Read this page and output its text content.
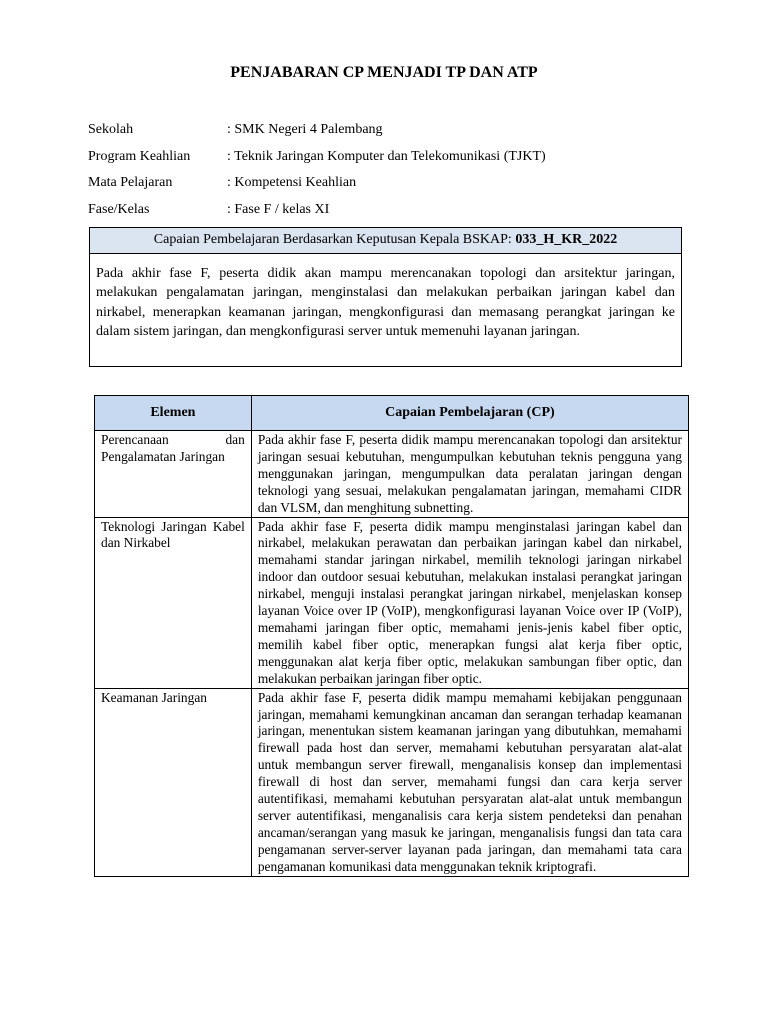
PENJABARAN CP MENJADI TP DAN ATP
Sekolah	: SMK Negeri 4 Palembang
Program Keahlian	: Teknik Jaringan Komputer dan Telekomunikasi (TJKT)
Mata Pelajaran	: Kompetensi Keahlian
Fase/Kelas	: Fase F / kelas XI
Capaian Pembelajaran Berdasarkan Keputusan Kepala BSKAP: 033_H_KR_2022
Pada akhir fase F, peserta didik akan mampu merencanakan topologi dan arsitektur jaringan, melakukan pengalamatan jaringan, menginstalasi dan melakukan perbaikan jaringan kabel dan nirkabel, menerapkan keamanan jaringan, mengkonfigurasi dan memasang perangkat jaringan ke dalam sistem jaringan, dan mengkonfigurasi server untuk memenuhi layanan jaringan.
Elemen	Capaian Pembelajaran (CP)
Perencanaan dan Pengalamatan Jaringan	Pada akhir fase F, peserta didik mampu merencanakan topologi dan arsitektur jaringan sesuai kebutuhan, mengumpulkan kebutuhan teknis pengguna yang menggunakan jaringan, mengumpulkan data peralatan jaringan dengan teknologi yang sesuai, melakukan pengalamatan jaringan, memahami CIDR dan VLSM, dan menghitung subnetting.
Teknologi Jaringan Kabel dan Nirkabel	Pada akhir fase F, peserta didik mampu menginstalasi jaringan kabel dan nirkabel, melakukan perawatan dan perbaikan jaringan kabel dan nirkabel, memahami standar jaringan nirkabel, memilih teknologi jaringan nirkabel indoor dan outdoor sesuai kebutuhan, melakukan instalasi perangkat jaringan nirkabel, menguji instalasi perangkat jaringan nirkabel, menjelaskan konsep layanan Voice over IP (VoIP), mengkonfigurasi layanan Voice over IP (VoIP), memahami jaringan fiber optic, memahami jenis-jenis kabel fiber optic, memilih kabel fiber optic, menerapkan fungsi alat kerja fiber optic, menggunakan alat kerja fiber optic, melakukan sambungan fiber optic, dan melakukan perbaikan jaringan fiber optic.
Keamanan Jaringan	Pada akhir fase F, peserta didik mampu memahami kebijakan penggunaan jaringan, memahami kemungkinan ancaman dan serangan terhadap keamanan jaringan, menentukan sistem keamanan jaringan yang dibutuhkan, memahami firewall pada host dan server, memahami kebutuhan persyaratan alat-alat untuk membangun server firewall, menganalisis konsep dan implementasi firewall di host dan server, memahami fungsi dan cara kerja server autentifikasi, memahami kebutuhan persyaratan alat-alat untuk membangun server autentifikasi, menganalisis cara kerja sistem pendeteksi dan penahan ancaman/serangan yang masuk ke jaringan, menganalisis fungsi dan tata cara pengamanan server-server layanan pada jaringan, dan memahami tata cara pengamanan komunikasi data menggunakan teknik kriptografi.
